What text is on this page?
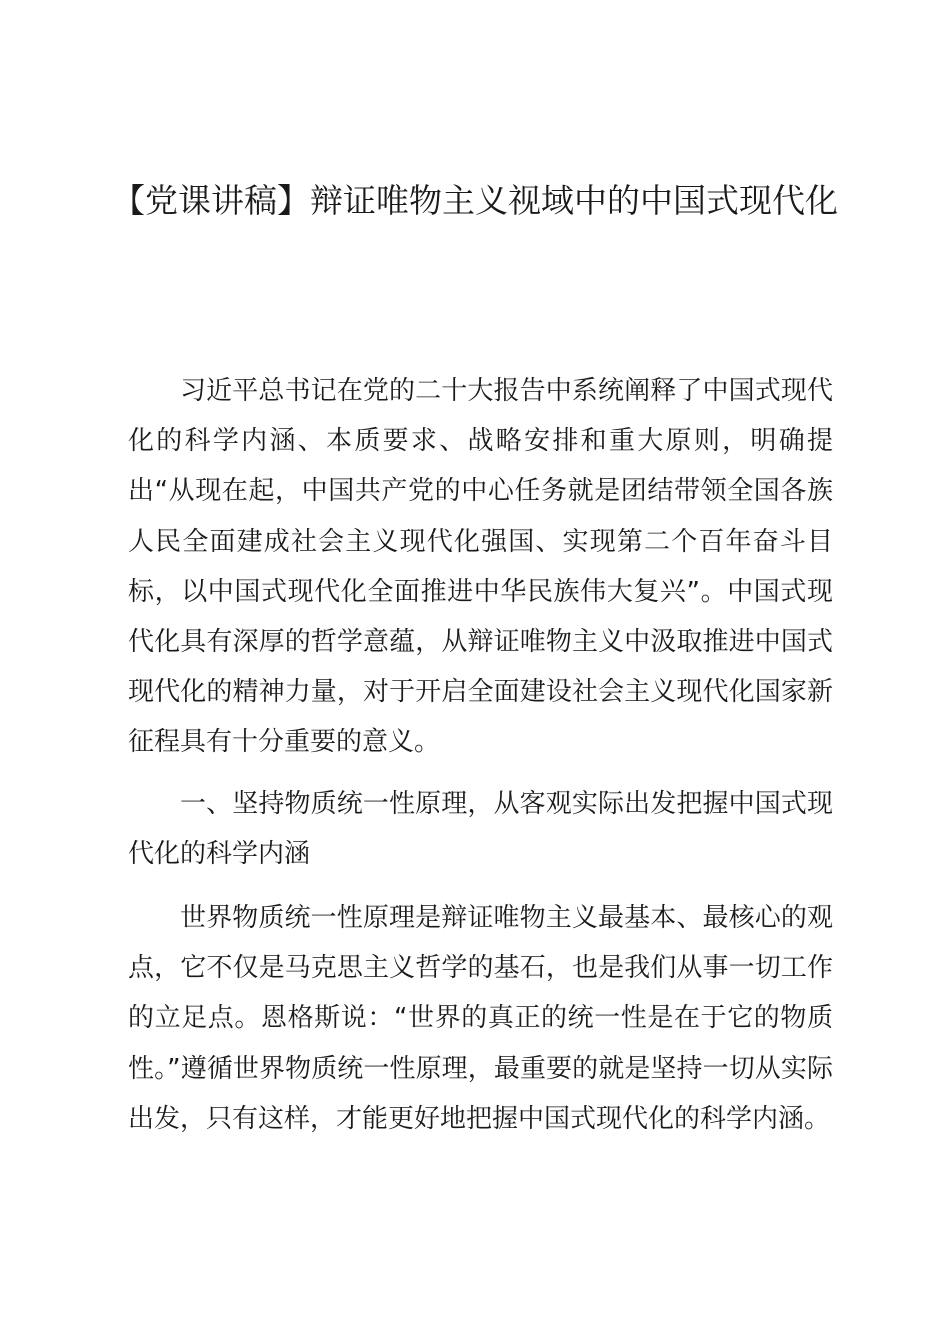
【党课讲稿】辩证唯物主义视域中的中国式现代化

习近平总书记在党的二十大报告中系统阐释了中国式现代化的科学内涵、本质要求、战略安排和重大原则，明确提出“从现在起，中国共产党的中心任务就是团结带领全国各族人民全面建成社会主义现代化强国、实现第二个百年奋斗目标，以中国式现代化全面推进中华民族伟大复兴”。中国式现代化具有深厚的哲学意蕴，从辩证唯物主义中汲取推进中国式现代化的精神力量，对于开启全面建设社会主义现代化国家新征程具有十分重要的意义。

一、坚持物质统一性原理，从客观实际出发把握中国式现代化的科学内涵

世界物质统一性原理是辩证唯物主义最基本、最核心的观点，它不仅是马克思主义哲学的基石，也是我们从事一切工作的立足点。恩格斯说：“世界的真正的统一性是在于它的物质性。”遵循世界物质统一性原理，最重要的就是坚持一切从实际出发，只有这样，才能更好地把握中国式现代化的科学内涵。
